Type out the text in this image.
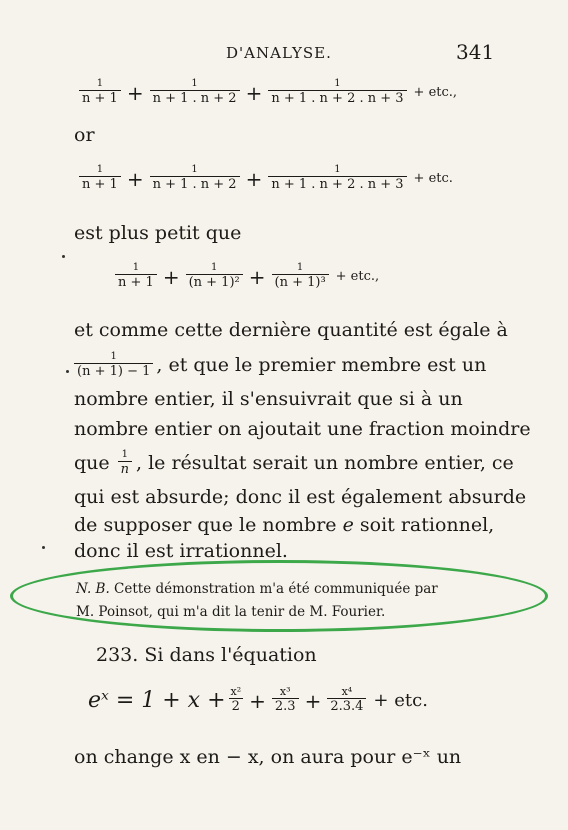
D'ANALYSE.	341
$\frac{1}{n + 1} + \frac{1}{n + 1 . n + 2} + \frac{1}{n + 1 . n + 2 . n + 3}$ + etc.,
or
$\frac{1}{n + 1} + \frac{1}{n + 1 . n + 2} + \frac{1}{n + 1 . n + 2 . n + 3}$ + etc.
est plus petit que
$\frac{1}{n + 1} + \frac{1}{\text{(n + 1)²}} + \frac{1}{\text{(n + 1)³}}$ + etc.,
et comme cette dernière quantité est égale à
$\frac{1}{(n + 1) - 1}$ , et que le premier membre est un
nombre entier, il s'ensuivrait que si à un
nombre entier on ajoutait une fraction moindre
que $\frac{1}{n}$ , le résultat serait un nombre entier, ce
qui est absurde; donc il est également absurde
de supposer que le nombre e soit rationnel,
donc il est irrationnel.
N. B. Cette démonstration m'a été communiquée par
M. Poinsot, qui m'a dit la tenir de M. Fourier.
233. Si dans l'équation
eˣ = $1 + x + \frac{\text{x²}}{2} + \frac{\text{x³}}{2.3} + \frac{\text{x⁴}}{2.3.4}$ + etc.
on change x en − x, on aura pour e⁻ˣ un
